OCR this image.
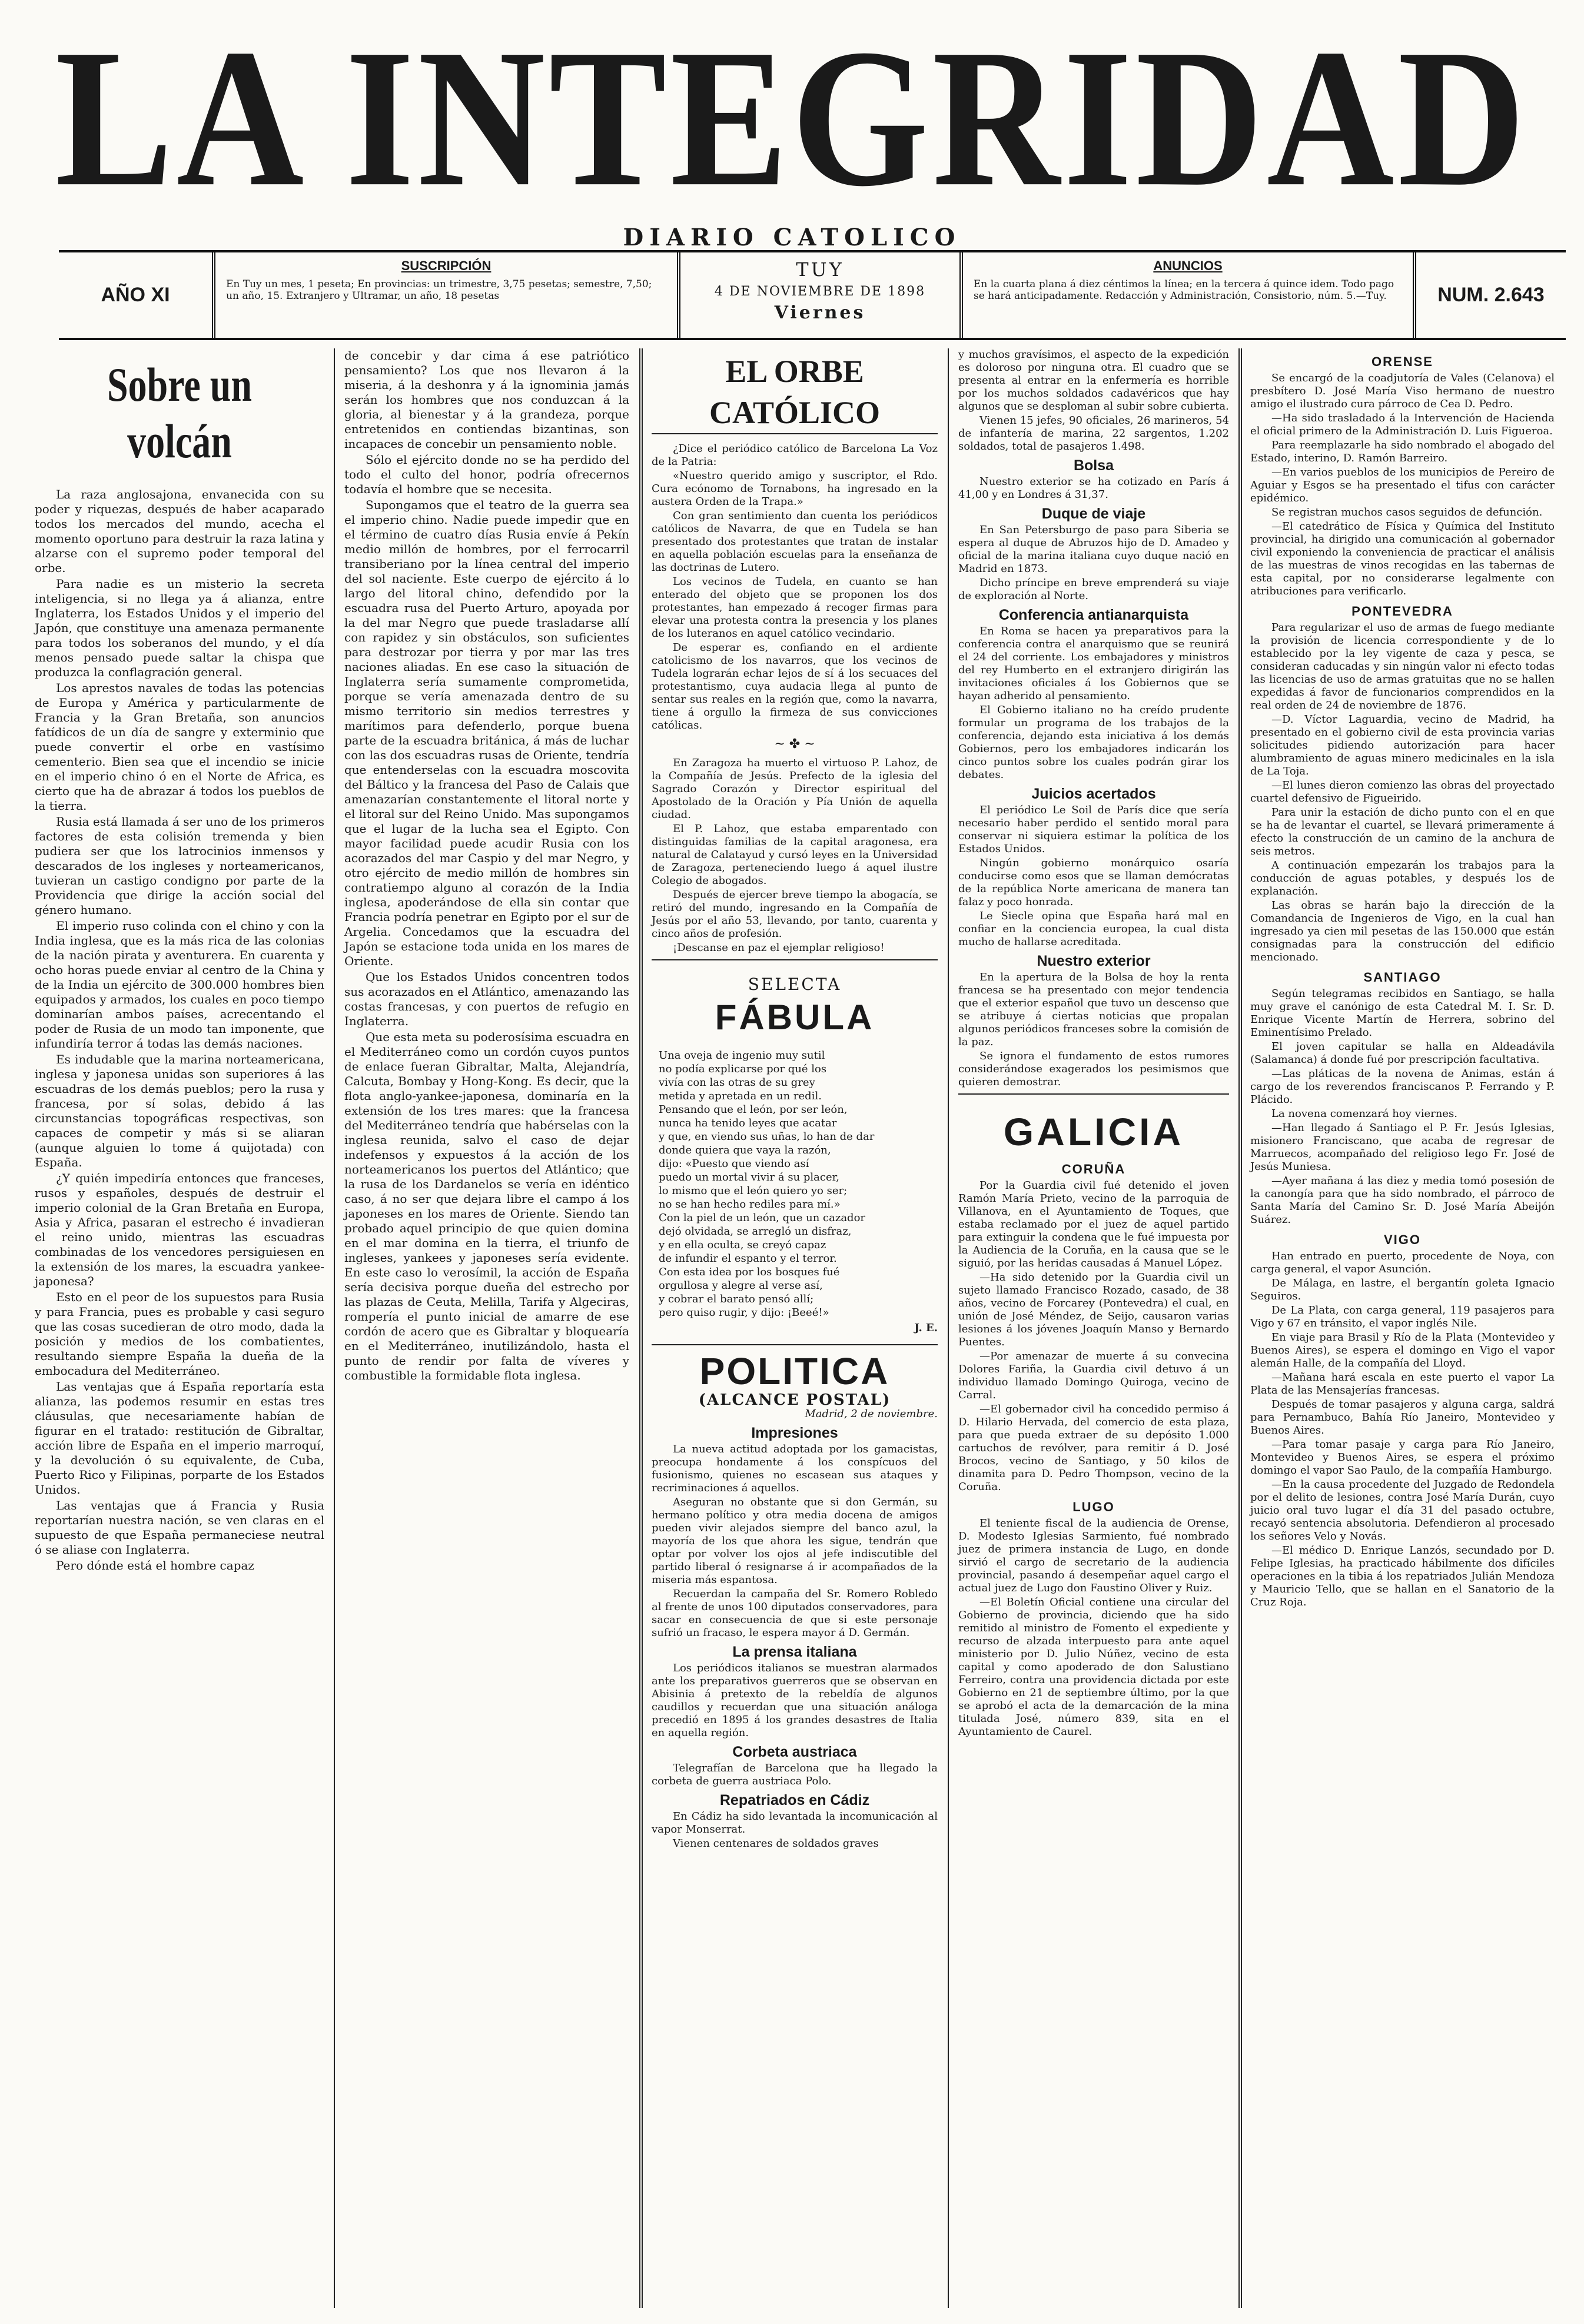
LA INTEGRIDAD
DIARIO CATOLICO
AÑO XI
SUSCRIPCIÓN
En Tuy un mes, 1 peseta; En provincias: un trimestre, 3,75 pesetas; semestre, 7,50; un año, 15. Extranjero y Ultramar, un año, 18 pesetas
TUY
4 DE NOVIEMBRE DE 1898
Viernes
ANUNCIOS
En la cuarta plana á diez céntimos la línea; en la tercera á quince idem. Todo pago se hará anticipadamente. Redacción y Administración, Consistorio, núm. 5.—Tuy.	NUM. 2.643
Sobre un volcán

La raza anglosajona, envanecida con su poder y riquezas, después de haber acaparado todos los mercados del mundo, acecha el momento oportuno para destruir la raza latina y alzarse con el supremo poder temporal del orbe.

Para nadie es un misterio la secreta inteligencia, si no llega ya á alianza, entre Inglaterra, los Estados Unidos y el imperio del Japón, que constituye una amenaza permanente para todos los soberanos del mundo, y el día menos pensado puede saltar la chispa que produzca la conflagración general.

Los aprestos navales de todas las potencias de Europa y América y particularmente de Francia y la Gran Bretaña, son anuncios fatídicos de un día de sangre y exterminio que puede convertir el orbe en vastísimo cementerio. Bien sea que el incendio se inicie en el imperio chino ó en el Norte de Africa, es cierto que ha de abrazar á todos los pueblos de la tierra.

Rusia está llamada á ser uno de los primeros factores de esta colisión tremenda y bien pudiera ser que los latrocinios inmensos y descarados de los ingleses y norteamericanos, tuvieran un castigo condigno por parte de la Providencia que dirige la acción social del género humano.

El imperio ruso colinda con el chino y con la India inglesa, que es la más rica de las colonias de la nación pirata y aventurera. En cuarenta y ocho horas puede enviar al centro de la China y de la India un ejército de 300.000 hombres bien equipados y armados, los cuales en poco tiempo dominarían ambos países, acrecentando el poder de Rusia de un modo tan imponente, que infundiría terror á todas las demás naciones.

Es indudable que la marina norteamericana, inglesa y japonesa unidas son superiores á las escuadras de los demás pueblos; pero la rusa y francesa, por sí solas, debido á las circunstancias topográficas respectivas, son capaces de competir y más si se aliaran (aunque alguien lo tome á quijotada) con España.

¿Y quién impediría entonces que franceses, rusos y españoles, después de destruir el imperio colonial de la Gran Bretaña en Europa, Asia y Africa, pasaran el estrecho é invadieran el reino unido, mientras las escuadras combinadas de los vencedores persiguiesen en la extensión de los mares, la escuadra yankee-japonesa?

Esto en el peor de los supuestos para Rusia y para Francia, pues es probable y casi seguro que las cosas sucedieran de otro modo, dada la posición y medios de los combatientes, resultando siempre España la dueña de la embocadura del Mediterráneo.

Las ventajas que á España reportaría esta alianza, las podemos resumir en estas tres cláusulas, que necesariamente habían de figurar en el tratado: restitución de Gibraltar, acción libre de España en el imperio marroquí, y la devolución ó su equivalente, de Cuba, Puerto Rico y Filipinas, porparte de los Estados Unidos.

Las ventajas que á Francia y Rusia reportarían nuestra nación, se ven claras en el supuesto de que España permaneciese neutral ó se aliase con Inglaterra.

Pero dónde está el hombre capaz

de concebir y dar cima á ese patriótico pensamiento? Los que nos llevaron á la miseria, á la deshonra y á la ignominia jamás serán los hombres que nos conduzcan á la gloria, al bienestar y á la grandeza, porque entretenidos en contiendas bizantinas, son incapaces de concebir un pensamiento noble.

Sólo el ejército donde no se ha perdido del todo el culto del honor, podría ofrecernos todavía el hombre que se necesita.

Supongamos que el teatro de la guerra sea el imperio chino. Nadie puede impedir que en el término de cuatro días Rusia envíe á Pekín medio millón de hombres, por el ferrocarril transiberiano por la línea central del imperio del sol naciente. Este cuerpo de ejército á lo largo del litoral chino, defendido por la escuadra rusa del Puerto Arturo, apoyada por la del mar Negro que puede trasladarse allí con rapidez y sin obstáculos, son suficientes para destrozar por tierra y por mar las tres naciones aliadas. En ese caso la situación de Inglaterra sería sumamente comprometida, porque se vería amenazada dentro de su mismo territorio sin medios terrestres y marítimos para defenderlo, porque buena parte de la escuadra británica, á más de luchar con las dos escuadras rusas de Oriente, tendría que entenderselas con la escuadra moscovita del Báltico y la francesa del Paso de Calais que amenazarían constantemente el litoral norte y el litoral sur del Reino Unido. Mas supongamos que el lugar de la lucha sea el Egipto. Con mayor facilidad puede acudir Rusia con los acorazados del mar Caspio y del mar Negro, y otro ejército de medio millón de hombres sin contratiempo alguno al corazón de la India inglesa, apoderándose de ella sin contar que Francia podría penetrar en Egipto por el sur de Argelia. Concedamos que la escuadra del Japón se estacione toda unida en los mares de Oriente.

Que los Estados Unidos concentren todos sus acorazados en el Atlántico, amenazando las costas francesas, y con puertos de refugio en Inglaterra.

Que esta meta su poderosísima escuadra en el Mediterráneo como un cordón cuyos puntos de enlace fueran Gibraltar, Malta, Alejandría, Calcuta, Bombay y Hong-Kong. Es decir, que la flota anglo-yankee-japonesa, dominaría en la extensión de los tres mares: que la francesa del Mediterráneo tendría que habérselas con la inglesa reunida, salvo el caso de dejar indefensos y expuestos á la acción de los norteamericanos los puertos del Atlántico; que la rusa de los Dardanelos se vería en idéntico caso, á no ser que dejara libre el campo á los japoneses en los mares de Oriente. Siendo tan probado aquel principio de que quien domina en el mar domina en la tierra, el triunfo de ingleses, yankees y japoneses sería evidente. En este caso lo verosímil, la acción de España sería decisiva porque dueña del estrecho por las plazas de Ceuta, Melilla, Tarifa y Algeciras, rompería el punto inicial de amarre de ese cordón de acero que es Gibraltar y bloquearía en el Mediterráneo, inutilizándolo, hasta el punto de rendir por falta de víveres y combustible la formidable flota inglesa.

EL ORBE CATÓLICO

¿Dice el periódico católico de Barcelona La Voz de la Patria:

«Nuestro querido amigo y suscriptor, el Rdo. Cura ecónomo de Tornabons, ha ingresado en la austera Orden de la Trapa.»

Con gran sentimiento dan cuenta los periódicos católicos de Navarra, de que en Tudela se han presentado dos protestantes que tratan de instalar en aquella población escuelas para la enseñanza de las doctrinas de Lutero.

Los vecinos de Tudela, en cuanto se han enterado del objeto que se proponen los dos protestantes, han empezado á recoger firmas para elevar una protesta contra la presencia y los planes de los luteranos en aquel católico vecindario.

De esperar es, confiando en el ardiente catolicismo de los navarros, que los vecinos de Tudela lograrán echar lejos de sí á los secuaces del protestantismo, cuya audacia llega al punto de sentar sus reales en la región que, como la navarra, tiene á orgullo la firmeza de sus convicciones católicas.

~ ✤ ~

En Zaragoza ha muerto el virtuoso P. Lahoz, de la Compañía de Jesús. Prefecto de la iglesia del Sagrado Corazón y Director espiritual del Apostolado de la Oración y Pía Unión de aquella ciudad.

El P. Lahoz, que estaba emparentado con distinguidas familias de la capital aragonesa, era natural de Calatayud y cursó leyes en la Universidad de Zaragoza, perteneciendo luego á aquel ilustre Colegio de abogados.

Después de ejercer breve tiempo la abogacía, se retiró del mundo, ingresando en la Compañía de Jesús por el año 53, llevando, por tanto, cuarenta y cinco años de profesión.

¡Descanse en paz el ejemplar religioso!

SELECTA
FÁBULA

Una oveja de ingenio muy sutil

no podía explicarse por qué los

vivía con las otras de su grey

metida y apretada en un redil.

Pensando que el león, por ser león,

nunca ha tenido leyes que acatar

y que, en viendo sus uñas, lo han de dar

donde quiera que vaya la razón,

dijo: «Puesto que viendo así

puedo un mortal vivir á su placer,

lo mismo que el león quiero yo ser;

no se han hecho rediles para mí.»

Con la piel de un león, que un cazador

dejó olvidada, se arregló un disfraz,

y en ella oculta, se creyó capaz

de infundir el espanto y el terror.

Con esta idea por los bosques fué

orgullosa y alegre al verse así,

y cobrar el barato pensó allí;

pero quiso rugir, y dijo: ¡Beeé!»

J. E.

POLITICA

(ALCANCE POSTAL)

Madrid, 2 de noviembre.

Impresiones

La nueva actitud adoptada por los gamacistas, preocupa hondamente á los conspícuos del fusionismo, quienes no escasean sus ataques y recriminaciones á aquellos.

Aseguran no obstante que si don Germán, su hermano político y otra media docena de amigos pueden vivir alejados siempre del banco azul, la mayoría de los que ahora les sigue, tendrán que optar por volver los ojos al jefe indiscutible del partido liberal ó resignarse á ir acompañados de la miseria más espantosa.

Recuerdan la campaña del Sr. Romero Robledo al frente de unos 100 diputados conservadores, para sacar en consecuencia de que si este personaje sufrió un fracaso, le espera mayor á D. Germán.

La prensa italiana

Los periódicos italianos se muestran alarmados ante los preparativos guerreros que se observan en Abisinia á pretexto de la rebeldía de algunos caudillos y recuerdan que una situación análoga precedió en 1895 á los grandes desastres de Italia en aquella región.

Corbeta austriaca

Telegrafían de Barcelona que ha llegado la corbeta de guerra austriaca Polo.

Repatriados en Cádiz

En Cádiz ha sido levantada la incomunicación al vapor Monserrat.

Vienen centenares de soldados graves

y muchos gravísimos, el aspecto de la expedición es doloroso por ninguna otra. El cuadro que se presenta al entrar en la enfermería es horrible por los muchos soldados cadavéricos que hay algunos que se desploman al subir sobre cubierta.

Vienen 15 jefes, 90 oficiales, 26 marineros, 54 de infantería de marina, 22 sargentos, 1.202 soldados, total de pasajeros 1.498.

Bolsa

Nuestro exterior se ha cotizado en París á 41,00 y en Londres á 31,37.

Duque de viaje

En San Petersburgo de paso para Siberia se espera al duque de Abruzos hijo de D. Amadeo y oficial de la marina italiana cuyo duque nació en Madrid en 1873.

Dicho príncipe en breve emprenderá su viaje de exploración al Norte.

Conferencia antianarquista

En Roma se hacen ya preparativos para la conferencia contra el anarquismo que se reunirá el 24 del corriente. Los embajadores y ministros del rey Humberto en el extranjero dirigirán las invitaciones oficiales á los Gobiernos que se hayan adherido al pensamiento.

El Gobierno italiano no ha creído prudente formular un programa de los trabajos de la conferencia, dejando esta iniciativa á los demás Gobiernos, pero los embajadores indicarán los cinco puntos sobre los cuales podrán girar los debates.

Juicios acertados

El periódico Le Soil de París dice que sería necesario haber perdido el sentido moral para conservar ni siquiera estimar la política de los Estados Unidos.

Ningún gobierno monárquico osaría conducirse como esos que se llaman demócratas de la república Norte americana de manera tan falaz y poco honrada.

Le Siecle opina que España hará mal en confiar en la conciencia europea, la cual dista mucho de hallarse acreditada.

Nuestro exterior

En la apertura de la Bolsa de hoy la renta francesa se ha presentado con mejor tendencia que el exterior español que tuvo un descenso que se atribuye á ciertas noticias que propalan algunos periódicos franceses sobre la comisión de la paz.

Se ignora el fundamento de estos rumores considerándose exagerados los pesimismos que quieren demostrar.

GALICIA
CORUÑA

Por la Guardia civil fué detenido el joven Ramón María Prieto, vecino de la parroquia de Villanova, en el Ayuntamiento de Toques, que estaba reclamado por el juez de aquel partido para extinguir la condena que le fué impuesta por la Audiencia de la Coruña, en la causa que se le siguió, por las heridas causadas á Manuel López.

—Ha sido detenido por la Guardia civil un sujeto llamado Francisco Rozado, casado, de 38 años, vecino de Forcarey (Pontevedra) el cual, en unión de José Méndez, de Seijo, causaron varias lesiones á los jóvenes Joaquín Manso y Bernardo Puentes.

—Por amenazar de muerte á su convecina Dolores Fariña, la Guardia civil detuvo á un individuo llamado Domingo Quiroga, vecino de Carral.

—El gobernador civil ha concedido permiso á D. Hilario Hervada, del comercio de esta plaza, para que pueda extraer de su depósito 1.000 cartuchos de revólver, para remitir á D. José Brocos, vecino de Santiago, y 50 kilos de dinamita para D. Pedro Thompson, vecino de la Coruña.

LUGO

El teniente fiscal de la audiencia de Orense, D. Modesto Iglesias Sarmiento, fué nombrado juez de primera instancia de Lugo, en donde sirvió el cargo de secretario de la audiencia provincial, pasando á desempeñar aquel cargo el actual juez de Lugo don Faustino Oliver y Ruiz.

—El Boletín Oficial contiene una circular del Gobierno de provincia, diciendo que ha sido remitido al ministro de Fomento el expediente y recurso de alzada interpuesto para ante aquel ministerio por D. Julio Núñez, vecino de esta capital y como apoderado de don Salustiano Ferreiro, contra una providencia dictada por este Gobierno en 21 de septiembre último, por la que se aprobó el acta de la demarcación de la mina titulada José, número 839, sita en el Ayuntamiento de Caurel.

ORENSE

Se encargó de la coadjutoría de Vales (Celanova) el presbítero D. José María Viso hermano de nuestro amigo el ilustrado cura párroco de Cea D. Pedro.

—Ha sido trasladado á la Intervención de Hacienda el oficial primero de la Administración D. Luis Figueroa.

Para reemplazarle ha sido nombrado el abogado del Estado, interino, D. Ramón Barreiro.

—En varios pueblos de los municipios de Pereiro de Aguiar y Esgos se ha presentado el tifus con carácter epidémico.

Se registran muchos casos seguidos de defunción.

—El catedrático de Física y Química del Instituto provincial, ha dirigido una comunicación al gobernador civil exponiendo la conveniencia de practicar el análisis de las muestras de vinos recogidas en las tabernas de esta capital, por no considerarse legalmente con atribuciones para verificarlo.

PONTEVEDRA

Para regularizar el uso de armas de fuego mediante la provisión de licencia correspondiente y de lo establecido por la ley vigente de caza y pesca, se consideran caducadas y sin ningún valor ni efecto todas las licencias de uso de armas gratuitas que no se hallen expedidas á favor de funcionarios comprendidos en la real orden de 24 de noviembre de 1876.

—D. Víctor Laguardia, vecino de Madrid, ha presentado en el gobierno civil de esta provincia varias solicitudes pidiendo autorización para hacer alumbramiento de aguas minero medicinales en la isla de La Toja.

—El lunes dieron comienzo las obras del proyectado cuartel defensivo de Figueirido.

Para unir la estación de dicho punto con el en que se ha de levantar el cuartel, se llevará primeramente á efecto la construcción de un camino de la anchura de seis metros.

A continuación empezarán los trabajos para la conducción de aguas potables, y después los de explanación.

Las obras se harán bajo la dirección de la Comandancia de Ingenieros de Vigo, en la cual han ingresado ya cien mil pesetas de las 150.000 que están consignadas para la construcción del edificio mencionado.

SANTIAGO

Según telegramas recibidos en Santiago, se halla muy grave el canónigo de esta Catedral M. I. Sr. D. Enrique Vicente Martín de Herrera, sobrino del Eminentísimo Prelado.

El joven capitular se halla en Aldeadávila (Salamanca) á donde fué por prescripción facultativa.

—Las pláticas de la novena de Animas, están á cargo de los reverendos franciscanos P. Ferrando y P. Plácido.

La novena comenzará hoy viernes.

—Han llegado á Santiago el P. Fr. Jesús Iglesias, misionero Franciscano, que acaba de regresar de Marruecos, acompañado del religioso lego Fr. José de Jesús Muniesa.

—Ayer mañana á las diez y media tomó posesión de la canongía para que ha sido nombrado, el párroco de Santa María del Camino Sr. D. José María Abeijón Suárez.

VIGO

Han entrado en puerto, procedente de Noya, con carga general, el vapor Asunción.

De Málaga, en lastre, el bergantín goleta Ignacio Seguiros.

De La Plata, con carga general, 119 pasajeros para Vigo y 67 en tránsito, el vapor inglés Nile.

En viaje para Brasil y Río de la Plata (Montevideo y Buenos Aires), se espera el domingo en Vigo el vapor alemán Halle, de la compañía del Lloyd.

—Mañana hará escala en este puerto el vapor La Plata de las Mensajerías francesas.

Después de tomar pasajeros y alguna carga, saldrá para Pernambuco, Bahía Río Janeiro, Montevideo y Buenos Aires.

—Para tomar pasaje y carga para Río Janeiro, Montevideo y Buenos Aires, se espera el próximo domingo el vapor Sao Paulo, de la compañía Hamburgo.

—En la causa procedente del Juzgado de Redondela por el delito de lesiones, contra José María Durán, cuyo juicio oral tuvo lugar el día 31 del pasado octubre, recayó sentencia absolutoria. Defendieron al procesado los señores Velo y Novás.

—El médico D. Enrique Lanzós, secundado por D. Felipe Iglesias, ha practicado hábilmente dos difíciles operaciones en la tibia á los repatriados Julián Mendoza y Mauricio Tello, que se hallan en el Sanatorio de la Cruz Roja.
